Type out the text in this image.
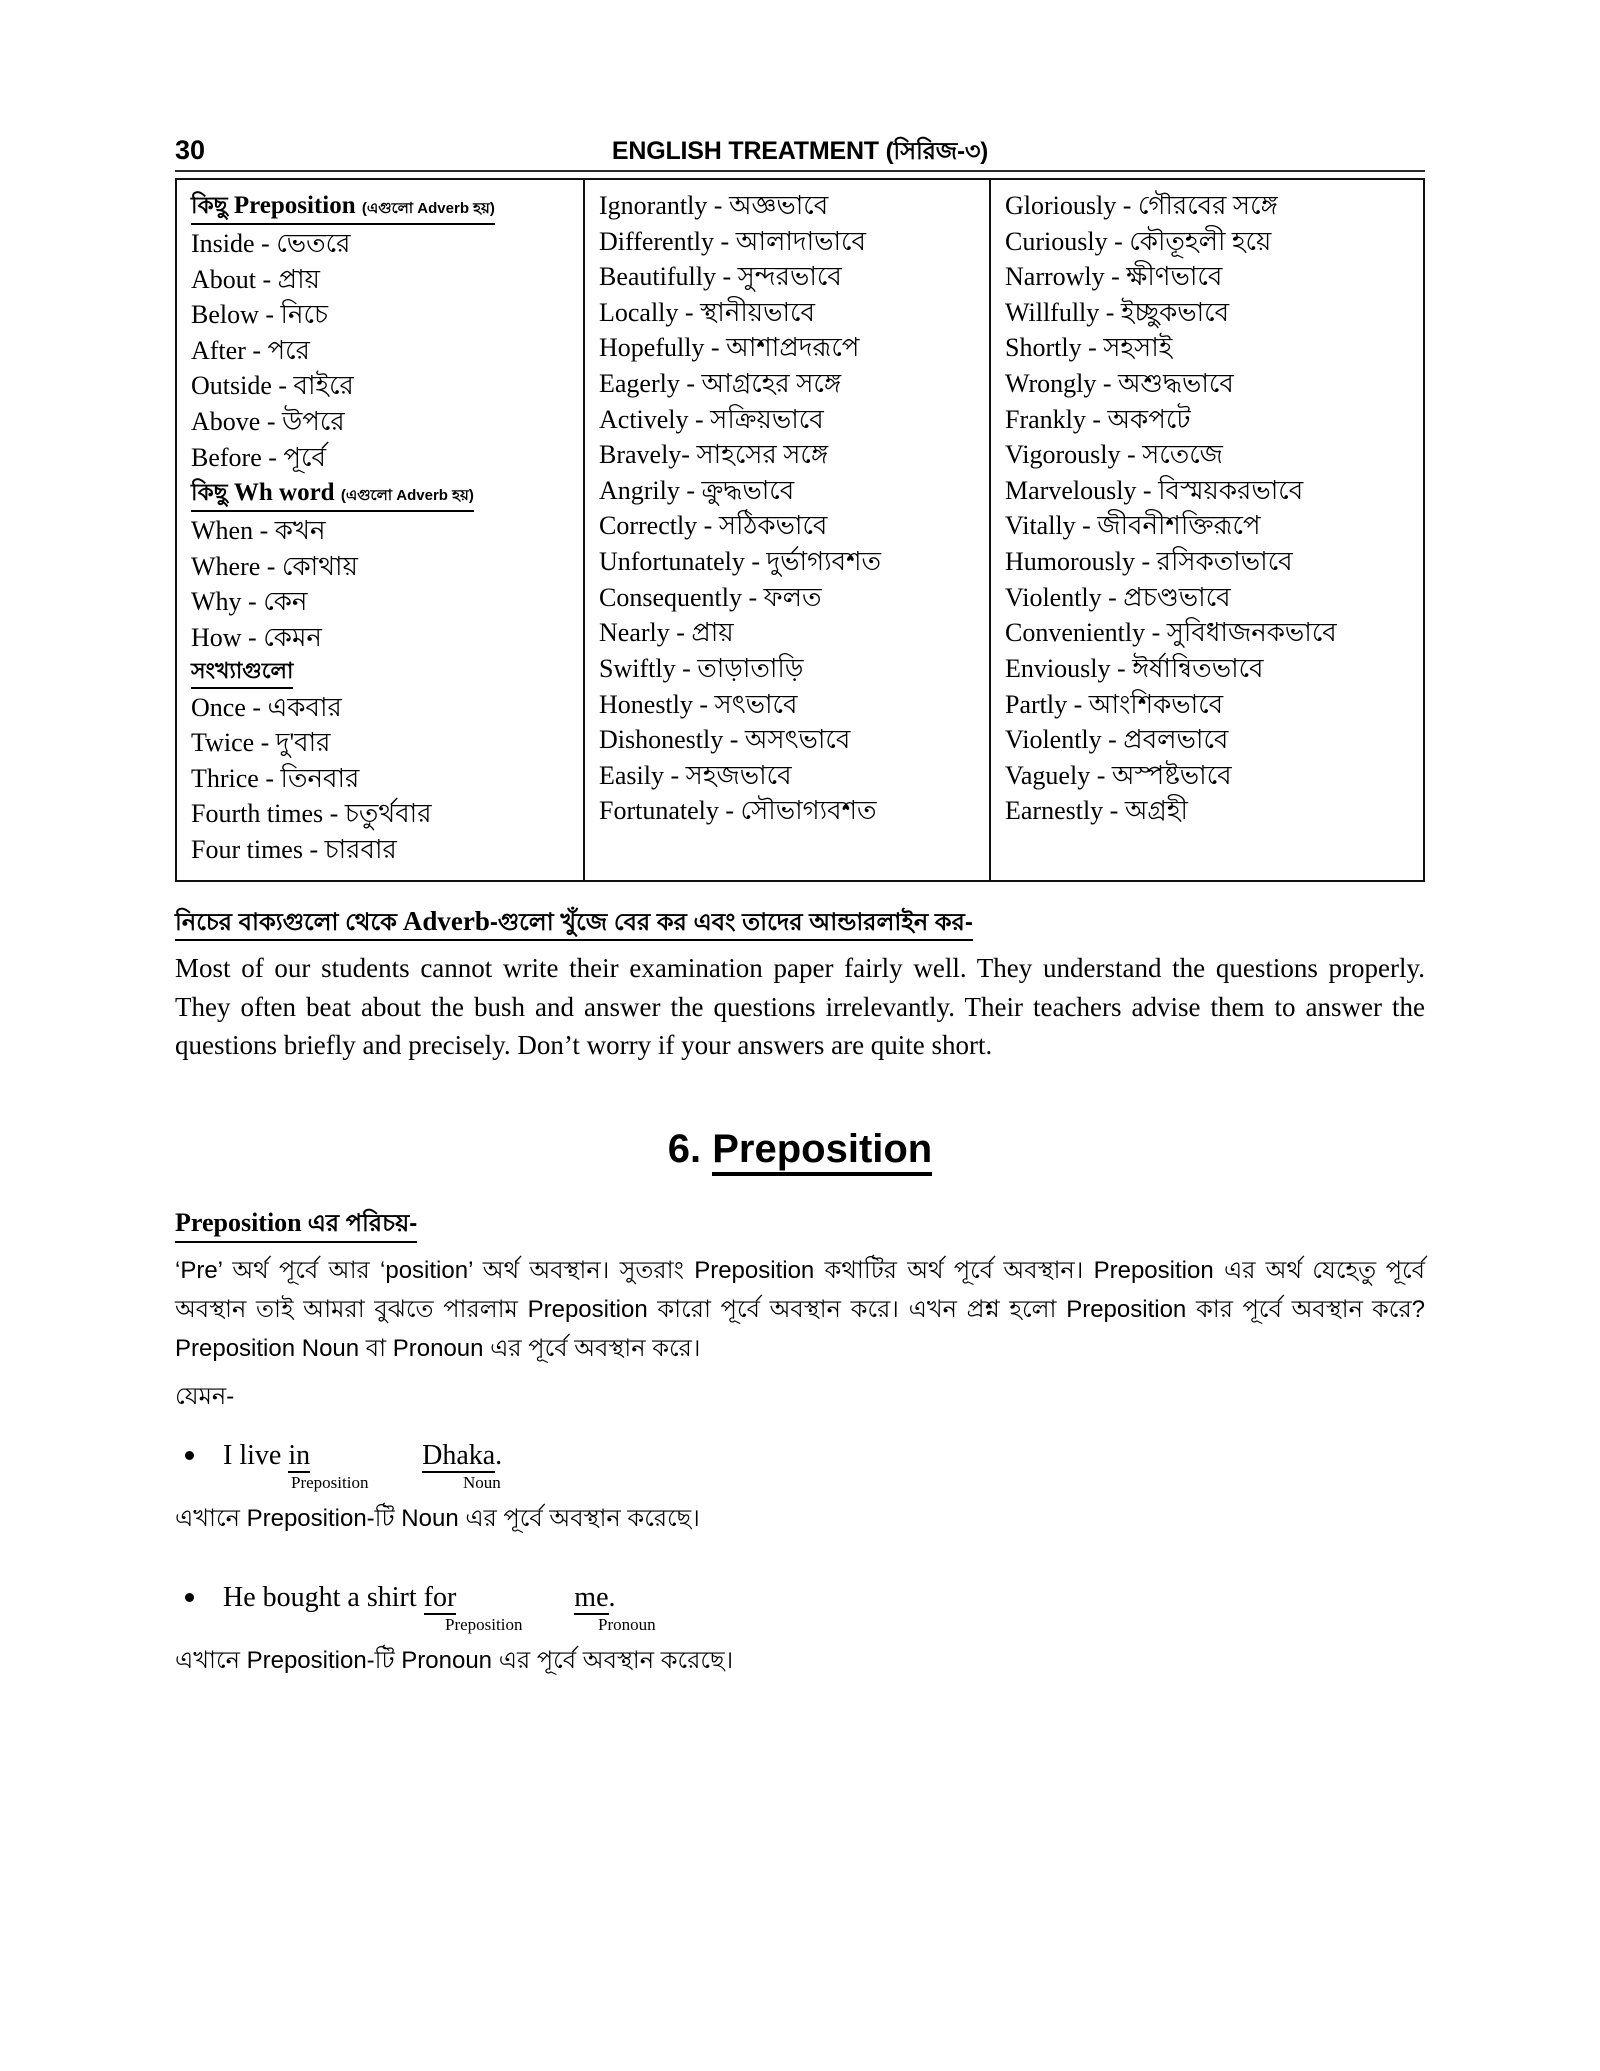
30	ENGLISH TREATMENT (সিরিজ-৩)
কিছু Preposition (এগুলো Adverb হয়)
Inside - ভেতরে
About - প্রায়
Below - নিচে
After - পরে
Outside - বাইরে
Above - উপরে
Before - পূর্বে
কিছু Wh word (এগুলো Adverb হয়)
When - কখন
Where - কোথায়
Why - কেন
How - কেমন
সংখ্যাগুলো
Once - একবার
Twice - দু'বার
Thrice - তিনবার
Fourth times - চতুর্থবার
Four times - চারবার
Ignorantly - অজ্ঞভাবে
Differently - আলাদাভাবে
Beautifully - সুন্দরভাবে
Locally - স্থানীয়ভাবে
Hopefully - আশাপ্রদরূপে
Eagerly - আগ্রহের সঙ্গে
Actively - সক্রিয়ভাবে
Bravely- সাহসের সঙ্গে
Angrily - ক্রুদ্ধভাবে
Correctly - সঠিকভাবে
Unfortunately - দুর্ভাগ্যবশত
Consequently - ফলত
Nearly - প্রায়
Swiftly - তাড়াতাড়ি
Honestly - সৎভাবে
Dishonestly - অসৎভাবে
Easily - সহজভাবে
Fortunately - সৌভাগ্যবশত
Gloriously - গৌরবের সঙ্গে
Curiously - কৌতূহলী হয়ে
Narrowly - ক্ষীণভাবে
Willfully - ইচ্ছুকভাবে
Shortly - সহসাই
Wrongly - অশুদ্ধভাবে
Frankly - অকপটে
Vigorously - সতেজে
Marvelously - বিস্ময়করভাবে
Vitally - জীবনীশক্তিরূপে
Humorously - রসিকতাভাবে
Violently - প্রচণ্ডভাবে
Conveniently - সুবিধাজনকভাবে
Enviously - ঈর্ষান্বিতভাবে
Partly - আংশিকভাবে
Violently - প্রবলভাবে
Vaguely - অস্পষ্টভাবে
Earnestly - অগ্রহী
নিচের বাক্যগুলো থেকে Adverb-গুলো খুঁজে বের কর এবং তাদের আন্ডারলাইন কর-
Most of our students cannot write their examination paper fairly well. They understand the questions properly. They often beat about the bush and answer the questions irrelevantly. Their teachers advise them to answer the questions briefly and precisely. Don’t worry if your answers are quite short.
6. Preposition
Preposition এর পরিচয়-
‘Pre’ অর্থ পূর্বে আর ‘position’ অর্থ অবস্থান। সুতরাং Preposition কথাটির অর্থ পূর্বে অবস্থান। Preposition এর অর্থ যেহেতু পূর্বে অবস্থান তাই আমরা বুঝতে পারলাম Preposition কারো পূর্বে অবস্থান করে। এখন প্রশ্ন হলো Preposition কার পূর্বে অবস্থান করে? Preposition Noun বা Pronoun এর পূর্বে অবস্থান করে।
যেমন-
I live in	Dhaka.
Preposition	Noun
এখানে Preposition-টি Noun এর পূর্বে অবস্থান করেছে।
He bought a shirt for	me.
Preposition	Pronoun
এখানে Preposition-টি Pronoun এর পূর্বে অবস্থান করেছে।
